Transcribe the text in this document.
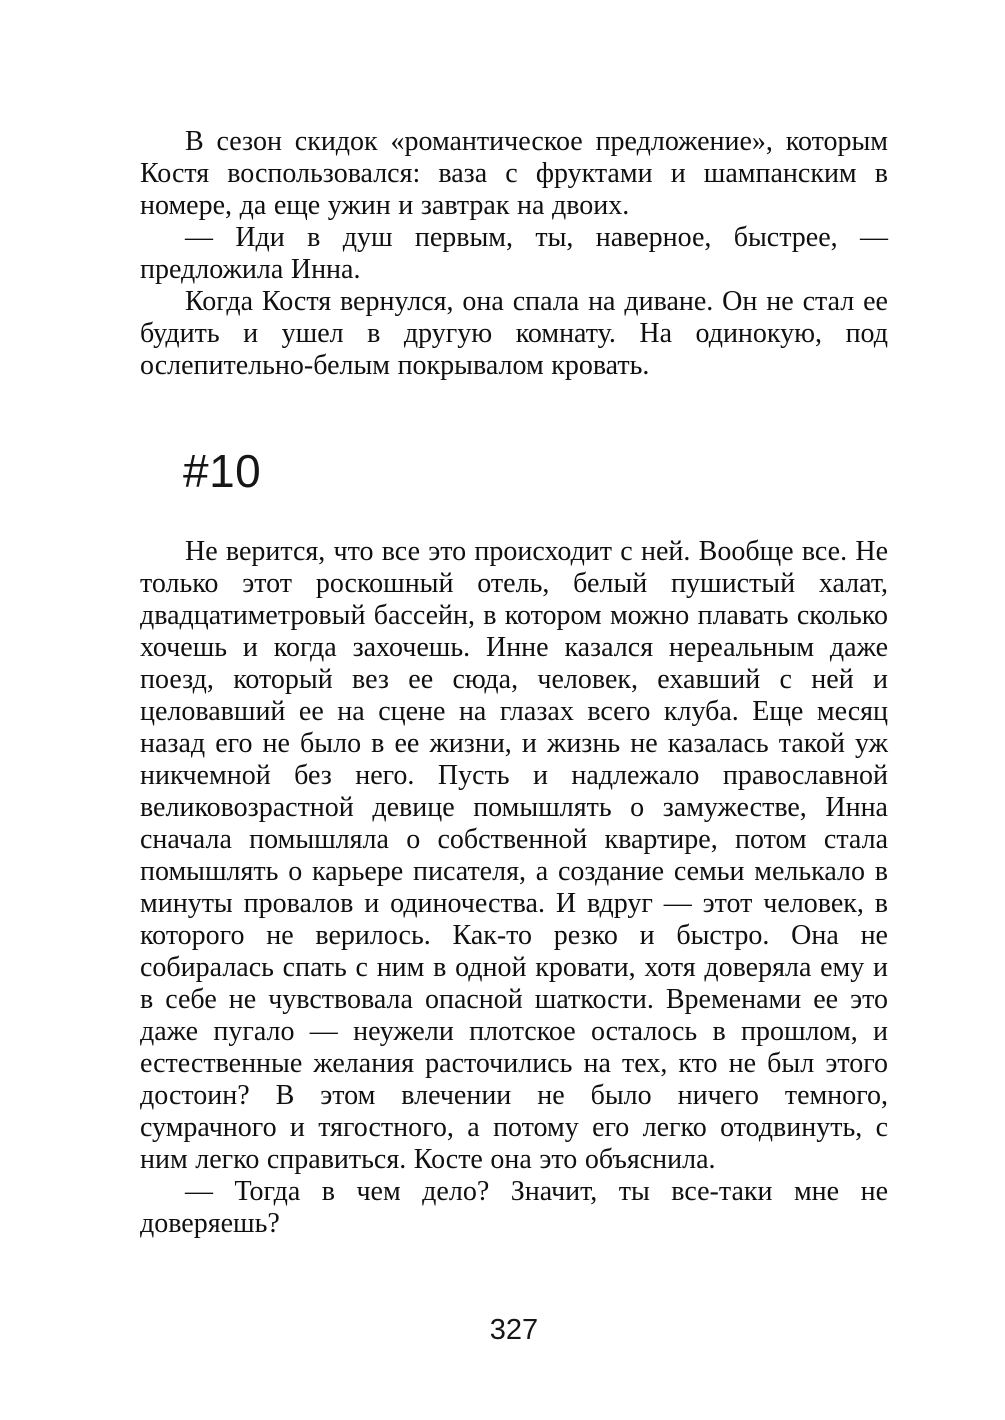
В сезон скидок «романтическое предложение», которым Костя воспользовался: ваза с фруктами и шампанским в номере, да еще ужин и завтрак на двоих.

— Иди в душ первым, ты, наверное, быстрее, — предложила Инна.

Когда Костя вернулся, она спала на диване. Он не стал ее будить и ушел в другую комнату. На одинокую, под ослепительно-белым покрывалом кровать.

#10

Не верится, что все это происходит с ней. Вообще все. Не только этот роскошный отель, белый пушистый халат, двадцатиметровый бассейн, в котором можно плавать сколько хочешь и когда захочешь. Инне казался нереальным даже поезд, который вез ее сюда, человек, ехавший с ней и целовавший ее на сцене на глазах всего клуба. Еще месяц назад его не было в ее жизни, и жизнь не казалась такой уж никчемной без него. Пусть и надлежало православной великовозрастной девице помышлять о замужестве, Инна сначала помышляла о собственной квартире, потом стала помышлять о карьере писателя, а создание семьи мелькало в минуты провалов и одиночества. И вдруг — этот человек, в которого не верилось. Как-то резко и быстро. Она не собиралась спать с ним в одной кровати, хотя доверяла ему и в себе не чувствовала опасной шаткости. Временами ее это даже пугало — неужели плотское осталось в прошлом, и естественные желания расточились на тех, кто не был этого достоин? В этом влечении не было ничего темного, сумрачного и тягостного, а потому его легко отодвинуть, с ним легко справиться. Косте она это объяснила.

— Тогда в чем дело? Значит, ты все-таки мне не доверяешь?

327
